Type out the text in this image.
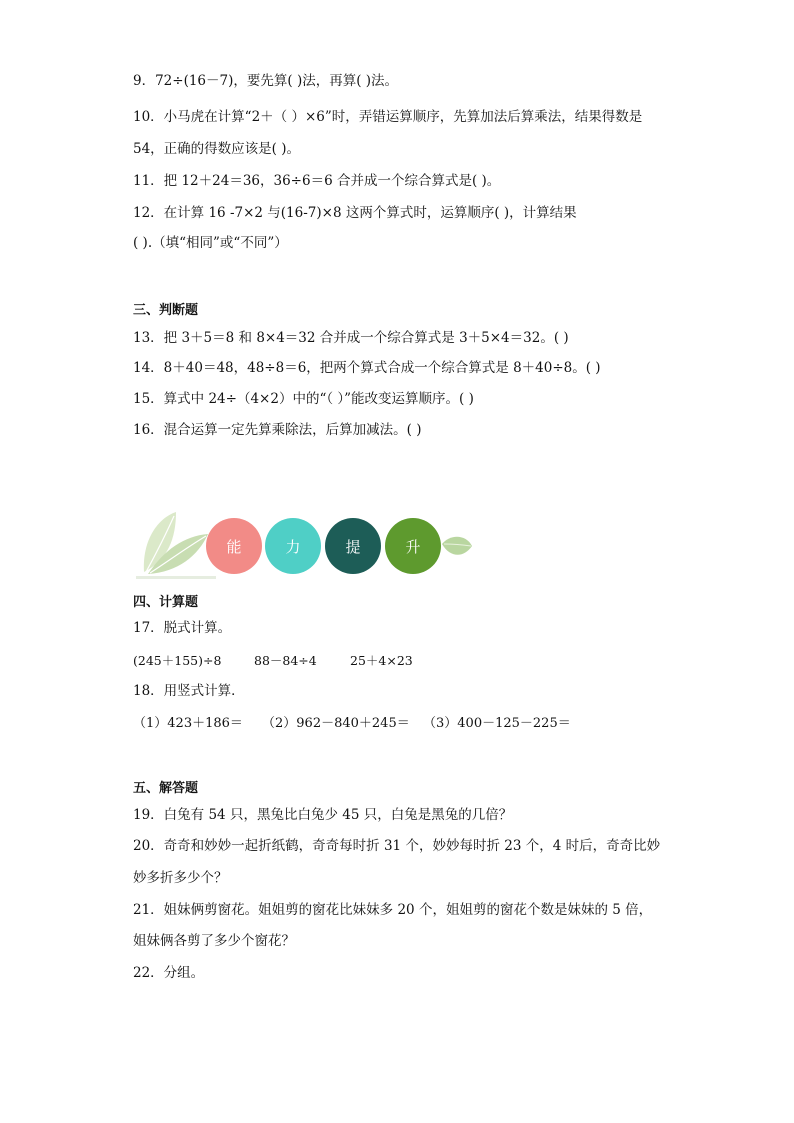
9．72÷(16－7)，要先算( )法，再算( )法。
10．小马虎在计算“2＋（ ）×6”时，弄错运算顺序，先算加法后算乘法，结果得数是
54，正确的得数应该是( )。
11．把 12＋24＝36，36÷6＝6 合并成一个综合算式是( )。
12．在计算 16 -7×2 与(16-7)×8 这两个算式时，运算顺序( )，计算结果
( ).（填“相同”或“不同”）
三、判断题
13．把 3＋5＝8 和 8×4＝32 合并成一个综合算式是 3＋5×4＝32。( )
14．8＋40＝48，48÷8＝6，把两个算式合成一个综合算式是 8＋40÷8。( )
15．算式中 24÷（4×2）中的“（ ）”能改变运算顺序。( )
16．混合运算一定先算乘除法，后算加减法。( )
能	力	提	升
四、计算题
17．脱式计算。
(245＋155)÷8	88－84÷4	25＋4×23
18．用竖式计算．
（1）423＋186＝ （2）962－840＋245＝ （3）400－125－225＝
五、解答题
19．白兔有 54 只，黑兔比白兔少 45 只，白兔是黑兔的几倍？
20．奇奇和妙妙一起折纸鹤，奇奇每时折 31 个，妙妙每时折 23 个，4 时后，奇奇比妙
妙多折多少个？
21．姐妹俩剪窗花。姐姐剪的窗花比妹妹多 20 个，姐姐剪的窗花个数是妹妹的 5 倍，
姐妹俩各剪了多少个窗花？
22．分组。
